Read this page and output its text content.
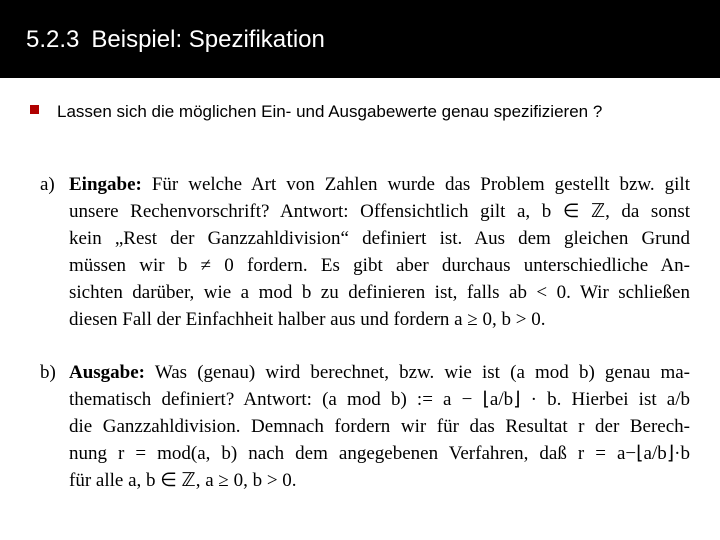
5.2.3 Beispiel: Spezifikation
Lassen sich die möglichen Ein- und Ausgabewerte genau spezifizieren ?
a) Eingabe: Für welche Art von Zahlen wurde das Problem gestellt bzw. gilt
unsere Rechenvorschrift? Antwort: Offensichtlich gilt a, b ∈ ℤ, da sonst
kein „Rest der Ganzzahldivision“ definiert ist. Aus dem gleichen Grund
müssen wir b ≠ 0 fordern. Es gibt aber durchaus unterschiedliche An-
sichten darüber, wie a mod b zu definieren ist, falls ab < 0. Wir schließen
diesen Fall der Einfachheit halber aus und fordern a ≥ 0, b > 0.
b) Ausgabe: Was (genau) wird berechnet, bzw. wie ist (a mod b) genau ma-
thematisch definiert? Antwort: (a mod b) := a − ⌊a/b⌋ · b. Hierbei ist a/b
die Ganzzahldivision. Demnach fordern wir für das Resultat r der Berech-
nung r = mod(a, b) nach dem angegebenen Verfahren, daß r = a−⌊a/b⌋·b
für alle a, b ∈ ℤ, a ≥ 0, b > 0.
